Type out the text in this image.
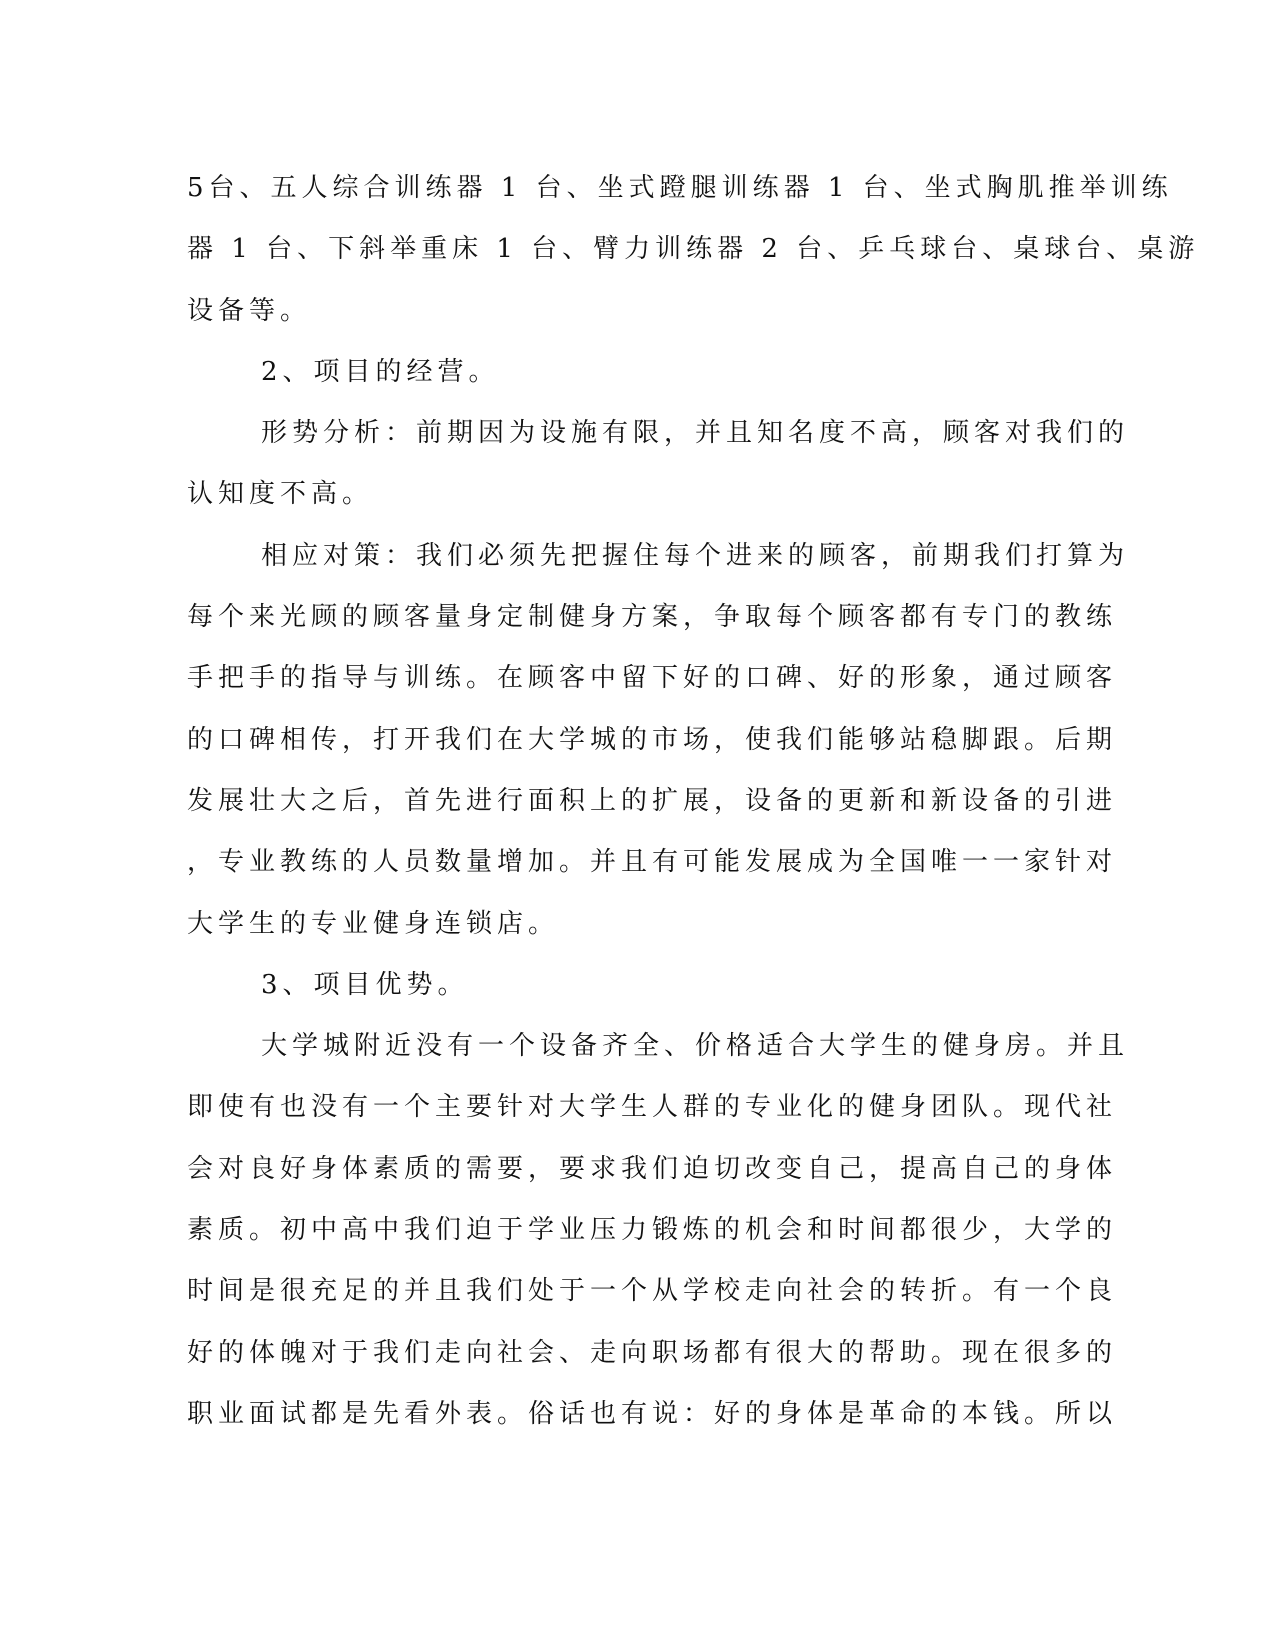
5台、五人综合训练器 1 台、坐式蹬腿训练器 1 台、坐式胸肌推举训练
器 1 台、下斜举重床 1 台、臂力训练器 2 台、乒乓球台、桌球台、桌游
设备等。
2、项目的经营。
形势分析：前期因为设施有限，并且知名度不高，顾客对我们的
认知度不高。
相应对策：我们必须先把握住每个进来的顾客，前期我们打算为
每个来光顾的顾客量身定制健身方案，争取每个顾客都有专门的教练
手把手的指导与训练。在顾客中留下好的口碑、好的形象，通过顾客
的口碑相传，打开我们在大学城的市场，使我们能够站稳脚跟。后期
发展壮大之后，首先进行面积上的扩展，设备的更新和新设备的引进
，专业教练的人员数量增加。并且有可能发展成为全国唯一一家针对
大学生的专业健身连锁店。
3、项目优势。
大学城附近没有一个设备齐全、价格适合大学生的健身房。并且
即使有也没有一个主要针对大学生人群的专业化的健身团队。现代社
会对良好身体素质的需要，要求我们迫切改变自己，提高自己的身体
素质。初中高中我们迫于学业压力锻炼的机会和时间都很少，大学的
时间是很充足的并且我们处于一个从学校走向社会的转折。有一个良
好的体魄对于我们走向社会、走向职场都有很大的帮助。现在很多的
职业面试都是先看外表。俗话也有说：好的身体是革命的本钱。所以
